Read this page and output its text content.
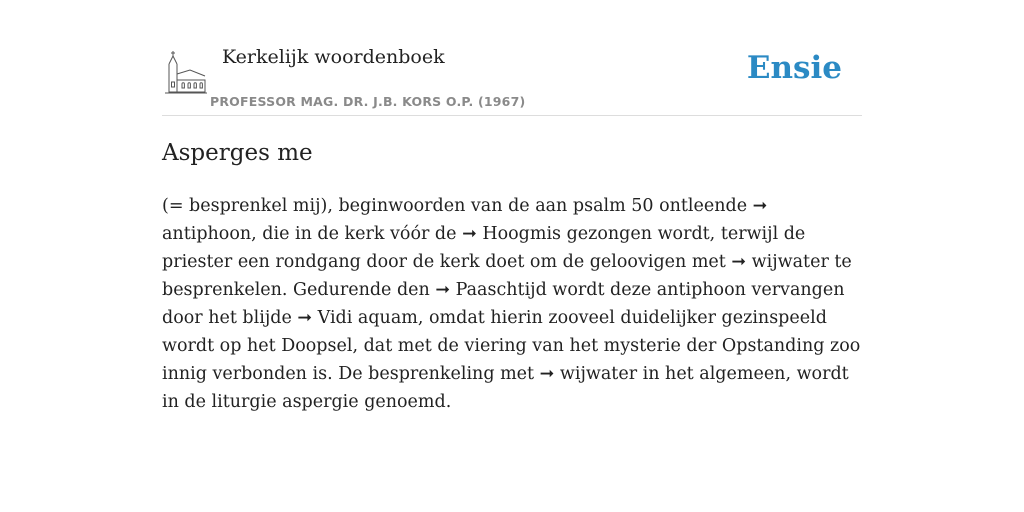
Kerkelijk woordenboek
PROFESSOR MAG. DR. J.B. KORS O.P. (1967)
Ensie
Asperges me

(= besprenkel mij), beginwoorden van de aan psalm 50 ontleende ➞ antiphoon, die in de kerk vóór de ➞ Hoogmis gezongen wordt, terwijl de priester een rondgang door de kerk doet om de geloovigen met ➞ wijwater te besprenkelen. Gedurende den ➞ Paaschtijd wordt deze antiphoon vervangen door het blijde ➞ Vidi aquam, omdat hierin zooveel duidelijker gezinspeeld wordt op het Doopsel, dat met de viering van het mysterie der Opstanding zoo innig verbonden is. De besprenkeling met ➞ wijwater in het algemeen, wordt in de liturgie aspergie genoemd.
